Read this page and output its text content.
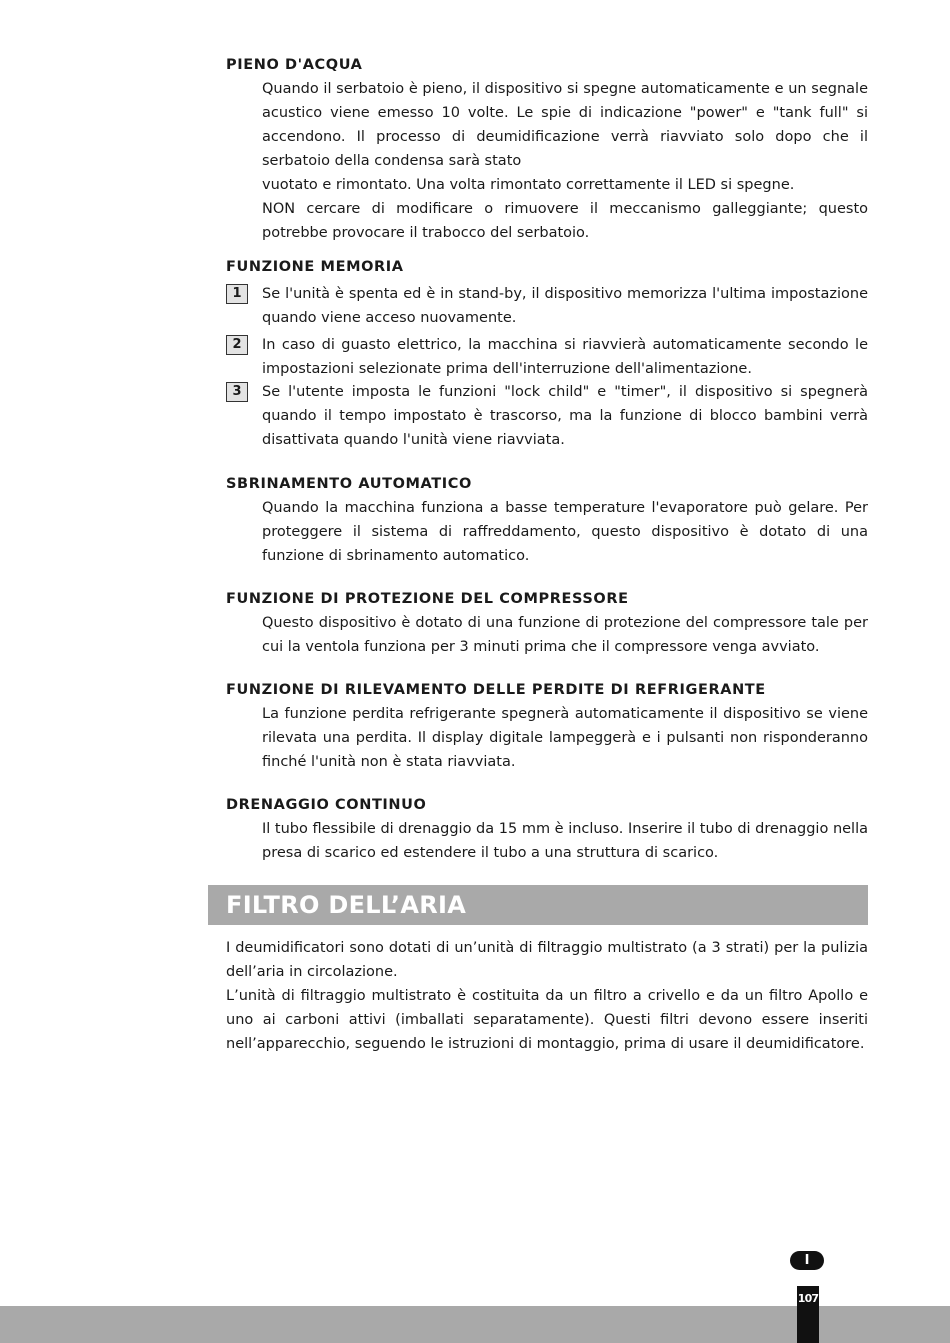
PIENO D'ACQUA

Quando il serbatoio è pieno, il dispositivo si spegne automaticamente e un segnale acustico viene emesso 10 volte. Le spie di indicazione "power" e "tank full" si accendono. Il processo di deumidificazione verrà riavviato solo dopo che il serbatoio della condensa sarà stato
vuotato e rimontato. Una volta rimontato correttamente il LED si spegne.
NON cercare di modificare o rimuovere il meccanismo galleggiante; questo potrebbe provocare il trabocco del serbatoio.

FUNZIONE MEMORIA
1	Se l'unità è spenta ed è in stand-by, il dispositivo memorizza l'ultima impostazione quando viene acceso nuovamente.

2	In caso di guasto elettrico, la macchina si riavvierà automaticamente secondo le impostazioni selezionate prima dell'interruzione dell'alimentazione.

3	Se l'utente imposta le funzioni "lock child" e "timer", il dispositivo si spegnerà quando il tempo impostato è trascorso, ma la funzione di blocco bambini verrà disattivata quando l'unità viene riavviata.

SBRINAMENTO AUTOMATICO

Quando la macchina funziona a basse temperature l'evaporatore può gelare. Per proteggere il sistema di raffreddamento, questo dispositivo è dotato di una funzione di sbrinamento automatico.

FUNZIONE DI PROTEZIONE DEL COMPRESSORE

Questo dispositivo è dotato di una funzione di protezione del compressore tale per cui la ventola funziona per 3 minuti prima che il compressore venga avviato.

FUNZIONE DI RILEVAMENTO DELLE PERDITE DI REFRIGERANTE

La funzione perdita refrigerante spegnerà automaticamente il dispositivo se viene rilevata una perdita. Il display digitale lampeggerà e i pulsanti non risponderanno finché l'unità non è stata riavviata.

DRENAGGIO CONTINUO

Il tubo flessibile di drenaggio da 15 mm è incluso. Inserire il tubo di drenaggio nella presa di scarico ed estendere il tubo a una struttura di scarico.

FILTRO DELL’ARIA

I deumidificatori sono dotati di un’unità di filtraggio multistrato (a 3 strati) per la pulizia dell’aria in circolazione.
L’unità di filtraggio multistrato è costituita da un filtro a crivello e da un filtro Apollo e uno ai carboni attivi (imballati separatamente). Questi filtri devono essere inseriti nell’apparecchio, seguendo le istruzioni di montaggio, prima di usare il deumidificatore.

I
107
